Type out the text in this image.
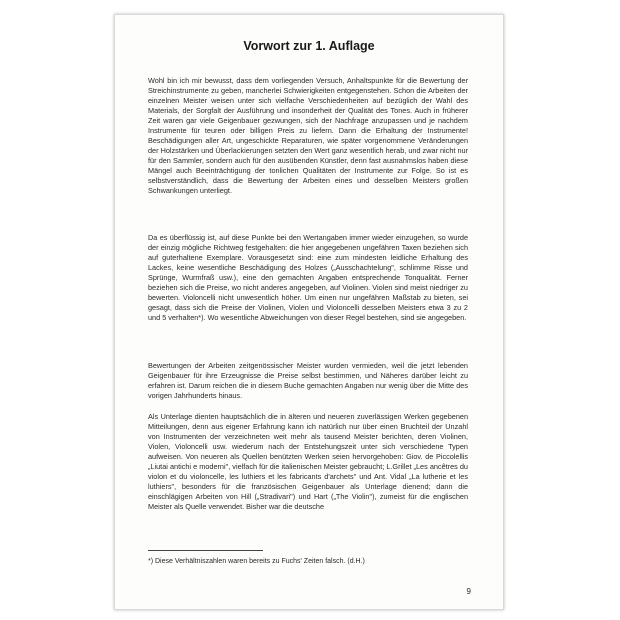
Vorwort zur 1. Auflage

Wohl bin ich mir bewusst, dass dem vorliegenden Versuch, Anhaltspunkte für die Bewertung der Streichinstrumente zu geben, mancherlei Schwierigkeiten entgegenstehen. Schon die Arbeiten der einzelnen Meister weisen unter sich vielfache Verschiedenheiten auf bezüglich der Wahl des Materials, der Sorgfalt der Ausführung und insonderheit der Qualität des Tones. Auch in früherer Zeit waren gar viele Geigenbauer gezwungen, sich der Nachfrage anzupassen und je nachdem Instrumente für teuren oder billigen Preis zu liefern. Dann die Erhaltung der Instrumente! Beschädigungen aller Art, ungeschickte Reparaturen, wie später vorgenommene Veränderungen der Holzstärken und Überlackierungen setzten den Wert ganz wesentlich herab, und zwar nicht nur für den Sammler, sondern auch für den ausübenden Künstler, denn fast ausnahmslos haben diese Mängel auch Beeinträchtigung der tonlichen Qualitäten der Instrumente zur Folge. So ist es selbstverständlich, dass die Bewertung der Arbeiten eines und desselben Meisters großen Schwankungen unterliegt.

Da es überflüssig ist, auf diese Punkte bei den Wertangaben immer wieder einzugehen, so wurde der einzig mögliche Richtweg festgehalten: die hier angegebenen ungefähren Taxen beziehen sich auf guterhaltene Exemplare. Vorausgesetzt sind: eine zum mindesten leidliche Erhaltung des Lackes, keine wesentliche Beschädigung des Holzes („Ausschachtelung", schlimme Risse und Sprünge, Wurmfraß usw.), eine den gemachten Angaben entsprechende Tonqualität. Ferner beziehen sich die Preise, wo nicht anderes angegeben, auf Violinen. Violen sind meist niedriger zu bewerten. Violoncelli nicht unwesentlich höher. Um einen nur ungefähren Maßstab zu bieten, sei gesagt, dass sich die Preise der Violinen, Violen und Violoncelli desselben Meisters etwa 3 zu 2 und 5 verhalten*). Wo wesentliche Abweichungen von dieser Regel bestehen, sind sie angegeben.

Bewertungen der Arbeiten zeitgenössischer Meister wurden vermieden, weil die jetzt lebenden Geigenbauer für ihre Erzeugnisse die Preise selbst bestimmen, und Näheres darüber leicht zu erfahren ist. Darum reichen die in diesem Buche gemachten Angaben nur wenig über die Mitte des vorigen Jahrhunderts hinaus.

Als Unterlage dienten hauptsächlich die in älteren und neueren zuverlässigen Werken gegebenen Mitteilungen, denn aus eigener Erfahrung kann ich natürlich nur über einen Bruchteil der Unzahl von Instrumenten der verzeichneten weit mehr als tausend Meister berichten, deren Violinen, Violen, Violoncelli usw. wiederum nach der Entstehungszeit unter sich verschiedene Typen aufweisen. Von neueren als Quellen benützten Werken seien hervorgehoben: Giov. de Piccolellis „Liutai antichi e moderni", vielfach für die italienischen Meister gebraucht; L.Grillet „Les ancêtres du violon et du violoncelle, les luthiers et les fabricants d'archets" und Ant. Vidal „La lutherie et les luthiers", besonders für die französischen Geigenbauer als Unterlage dienend; dann die einschlägigen Arbeiten von Hill („Stradivari") und Hart („The Violin"), zumeist für die englischen Meister als Quelle verwendet. Bisher war die deutsche

*) Diese Verhältniszahlen waren bereits zu Fuchs' Zeiten falsch. (d.H.)
9
